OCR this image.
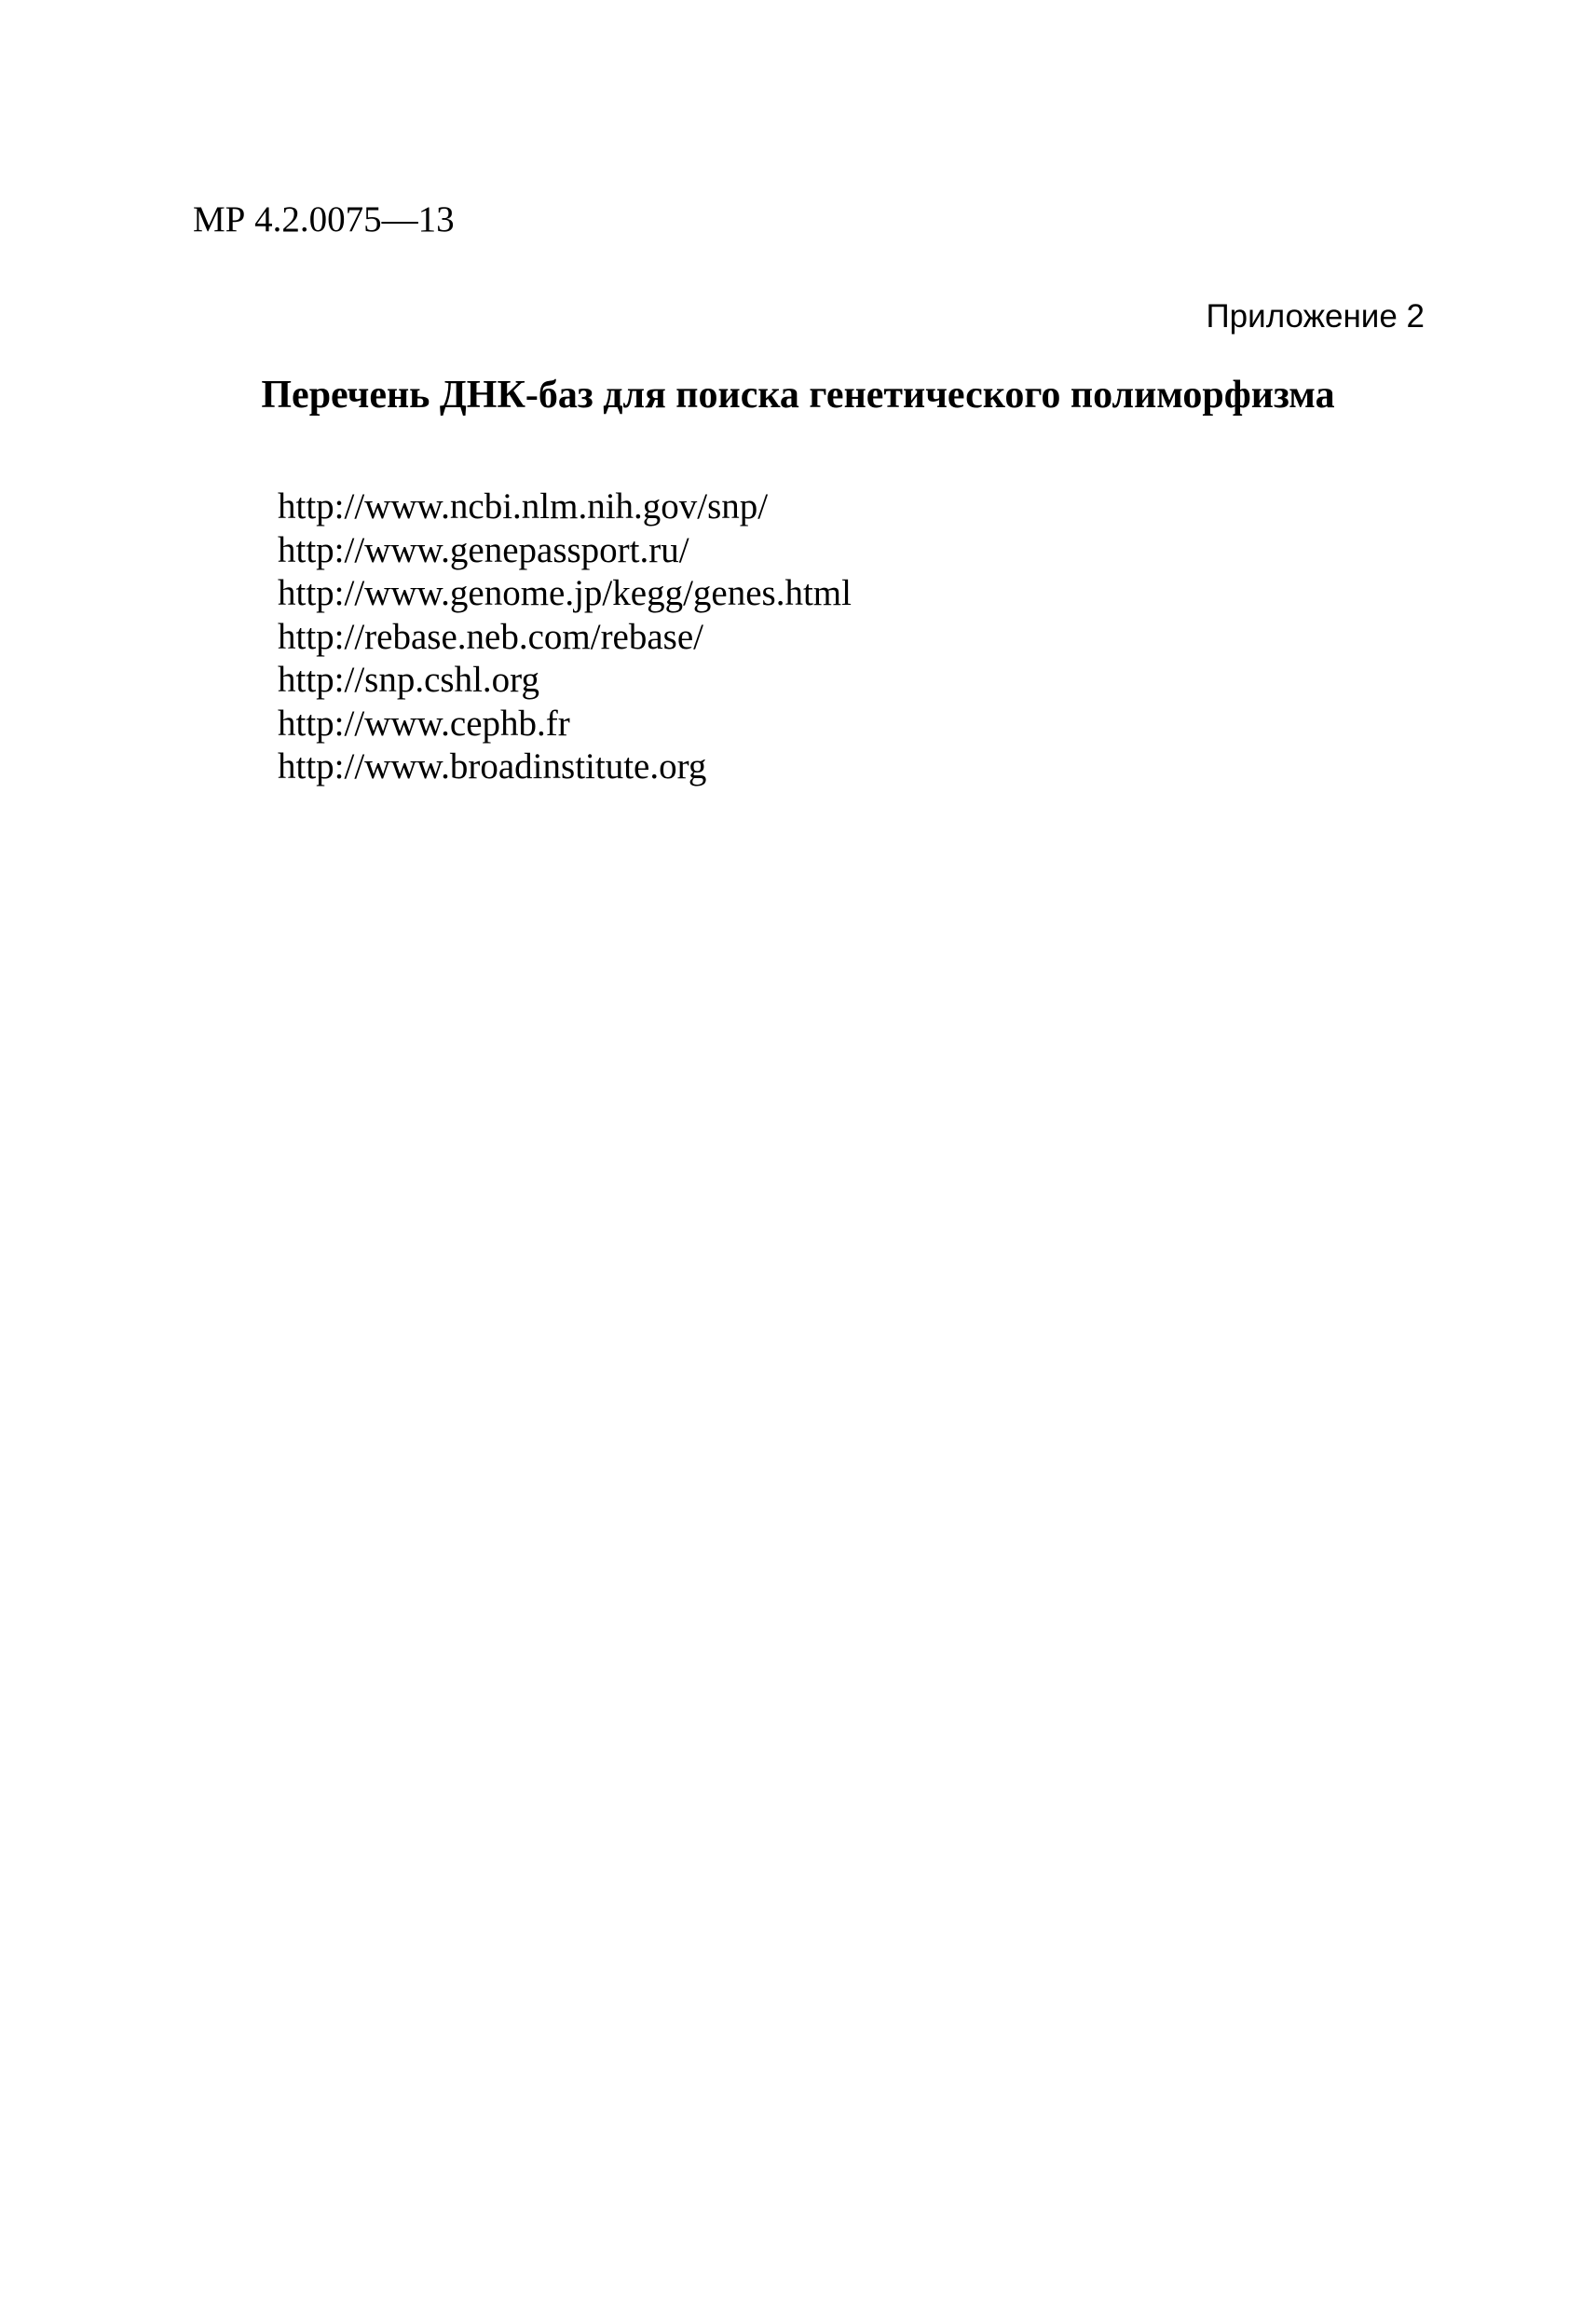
МР 4.2.0075—13
Приложение 2
Перечень ДНК-баз для поиска генетического полиморфизма
http://www.ncbi.nlm.nih.gov/snp/
http://www.genepassport.ru/
http://www.genome.jp/kegg/genes.html
http://rebase.neb.com/rebase/
http://snp.cshl.org
http://www.cephb.fr
http://www.broadinstitute.org
